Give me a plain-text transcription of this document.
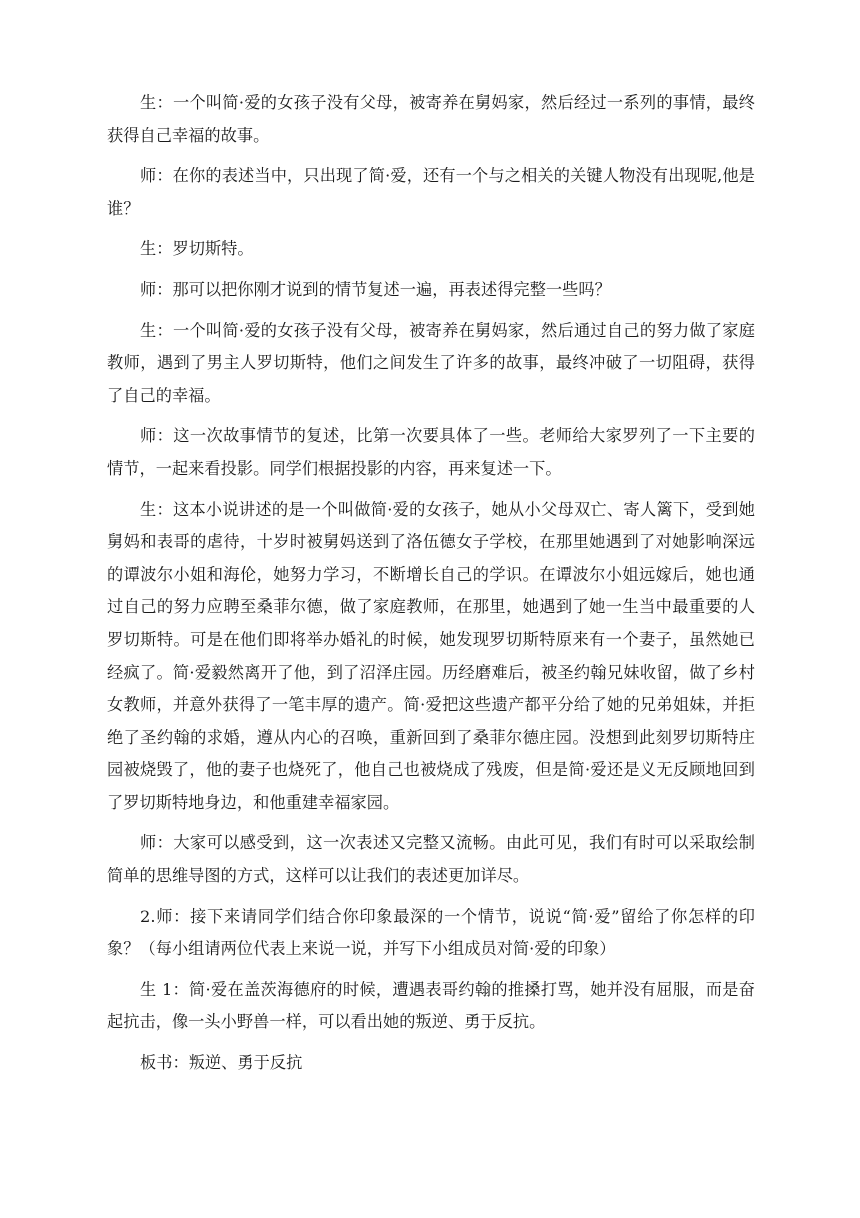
生：一个叫简·爱的女孩子没有父母，被寄养在舅妈家，然后经过一系列的事情，最终获得自己幸福的故事。

师：在你的表述当中，只出现了简·爱，还有一个与之相关的关键人物没有出现呢,他是谁？

生：罗切斯特。

师：那可以把你刚才说到的情节复述一遍，再表述得完整一些吗？

生：一个叫简·爱的女孩子没有父母，被寄养在舅妈家，然后通过自己的努力做了家庭教师，遇到了男主人罗切斯特，他们之间发生了许多的故事，最终冲破了一切阻碍，获得了自己的幸福。

师：这一次故事情节的复述，比第一次要具体了一些。老师给大家罗列了一下主要的情节，一起来看投影。同学们根据投影的内容，再来复述一下。

生：这本小说讲述的是一个叫做简·爱的女孩子，她从小父母双亡、寄人篱下，受到她舅妈和表哥的虐待，十岁时被舅妈送到了洛伍德女子学校，在那里她遇到了对她影响深远的谭波尔小姐和海伦，她努力学习，不断增长自己的学识。在谭波尔小姐远嫁后，她也通过自己的努力应聘至桑菲尔德，做了家庭教师，在那里，她遇到了她一生当中最重要的人罗切斯特。可是在他们即将举办婚礼的时候，她发现罗切斯特原来有一个妻子，虽然她已经疯了。简·爱毅然离开了他，到了沼泽庄园。历经磨难后，被圣约翰兄妹收留，做了乡村女教师，并意外获得了一笔丰厚的遗产。简·爱把这些遗产都平分给了她的兄弟姐妹，并拒绝了圣约翰的求婚，遵从内心的召唤，重新回到了桑菲尔德庄园。没想到此刻罗切斯特庄园被烧毁了，他的妻子也烧死了，他自己也被烧成了残废，但是简·爱还是义无反顾地回到了罗切斯特地身边，和他重建幸福家园。

师：大家可以感受到，这一次表述又完整又流畅。由此可见，我们有时可以采取绘制简单的思维导图的方式，这样可以让我们的表述更加详尽。

2.师：接下来请同学们结合你印象最深的一个情节，说说“简·爱”留给了你怎样的印象？（每小组请两位代表上来说一说，并写下小组成员对简·爱的印象）

生 1：简·爱在盖茨海德府的时候，遭遇表哥约翰的推搡打骂，她并没有屈服，而是奋起抗击，像一头小野兽一样，可以看出她的叛逆、勇于反抗。

板书：叛逆、勇于反抗
